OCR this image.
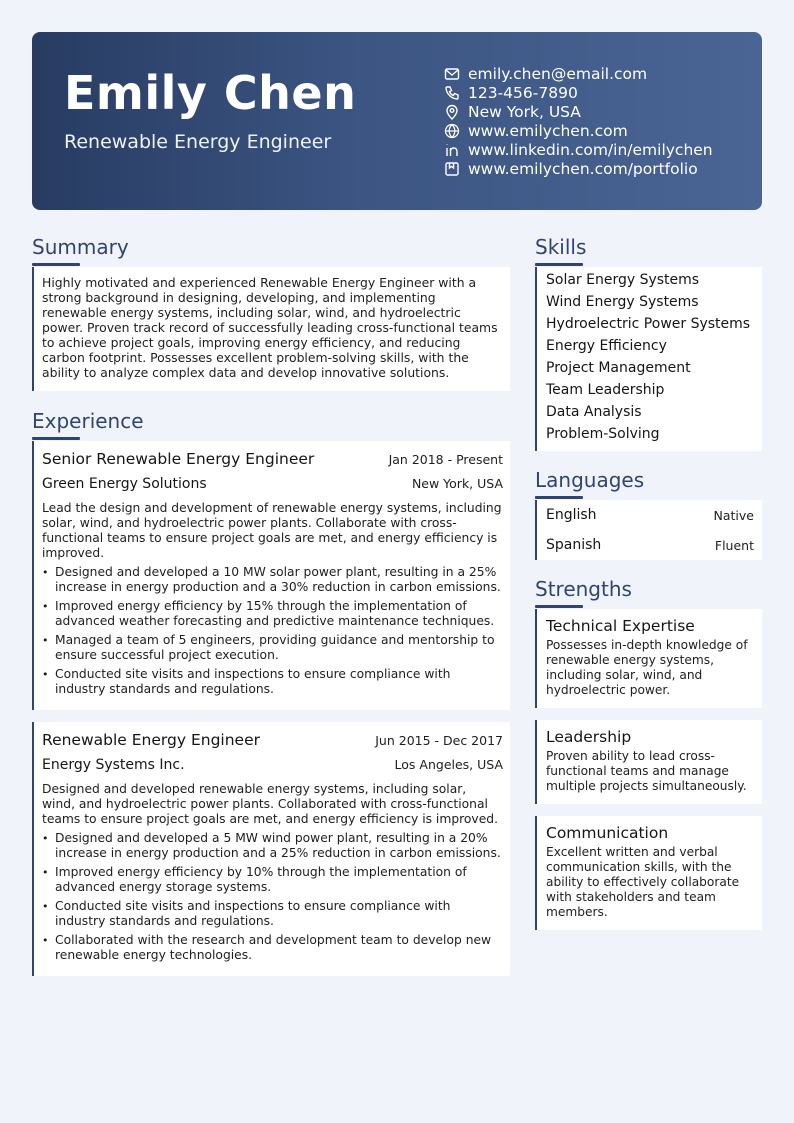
Emily Chen
Renewable Energy Engineer
emily.chen@email.com
123-456-7890
New York, USA
www.emilychen.com
www.linkedin.com/in/emilychen
www.emilychen.com/portfolio
Summary
Highly motivated and experienced Renewable Energy Engineer with a strong background in designing, developing, and implementing renewable energy systems, including solar, wind, and hydroelectric power. Proven track record of successfully leading cross-functional teams to achieve project goals, improving energy efficiency, and reducing carbon footprint. Possesses excellent problem-solving skills, with the ability to analyze complex data and develop innovative solutions.
Experience
Senior Renewable Energy Engineer	Jan 2018 - Present
Green Energy Solutions	New York, USA
Lead the design and development of renewable energy systems, including solar, wind, and hydroelectric power plants. Collaborate with cross-functional teams to ensure project goals are met, and energy efficiency is improved.
• Designed and developed a 10 MW solar power plant, resulting in a 25% increase in energy production and a 30% reduction in carbon emissions.
• Improved energy efficiency by 15% through the implementation of advanced weather forecasting and predictive maintenance techniques.
• Managed a team of 5 engineers, providing guidance and mentorship to ensure successful project execution.
• Conducted site visits and inspections to ensure compliance with industry standards and regulations.
Renewable Energy Engineer	Jun 2015 - Dec 2017
Energy Systems Inc.	Los Angeles, USA
Designed and developed renewable energy systems, including solar, wind, and hydroelectric power plants. Collaborated with cross-functional teams to ensure project goals are met, and energy efficiency is improved.
• Designed and developed a 5 MW wind power plant, resulting in a 20% increase in energy production and a 25% reduction in carbon emissions.
• Improved energy efficiency by 10% through the implementation of advanced energy storage systems.
• Conducted site visits and inspections to ensure compliance with industry standards and regulations.
• Collaborated with the research and development team to develop new renewable energy technologies.
Skills
Solar Energy Systems
Wind Energy Systems
Hydroelectric Power Systems
Energy Efficiency
Project Management
Team Leadership
Data Analysis
Problem-Solving
Languages
English	Native
Spanish	Fluent
Strengths
Technical Expertise
Possesses in-depth knowledge of renewable energy systems, including solar, wind, and hydroelectric power.
Leadership
Proven ability to lead cross-functional teams and manage multiple projects simultaneously.
Communication
Excellent written and verbal communication skills, with the ability to effectively collaborate with stakeholders and team members.
